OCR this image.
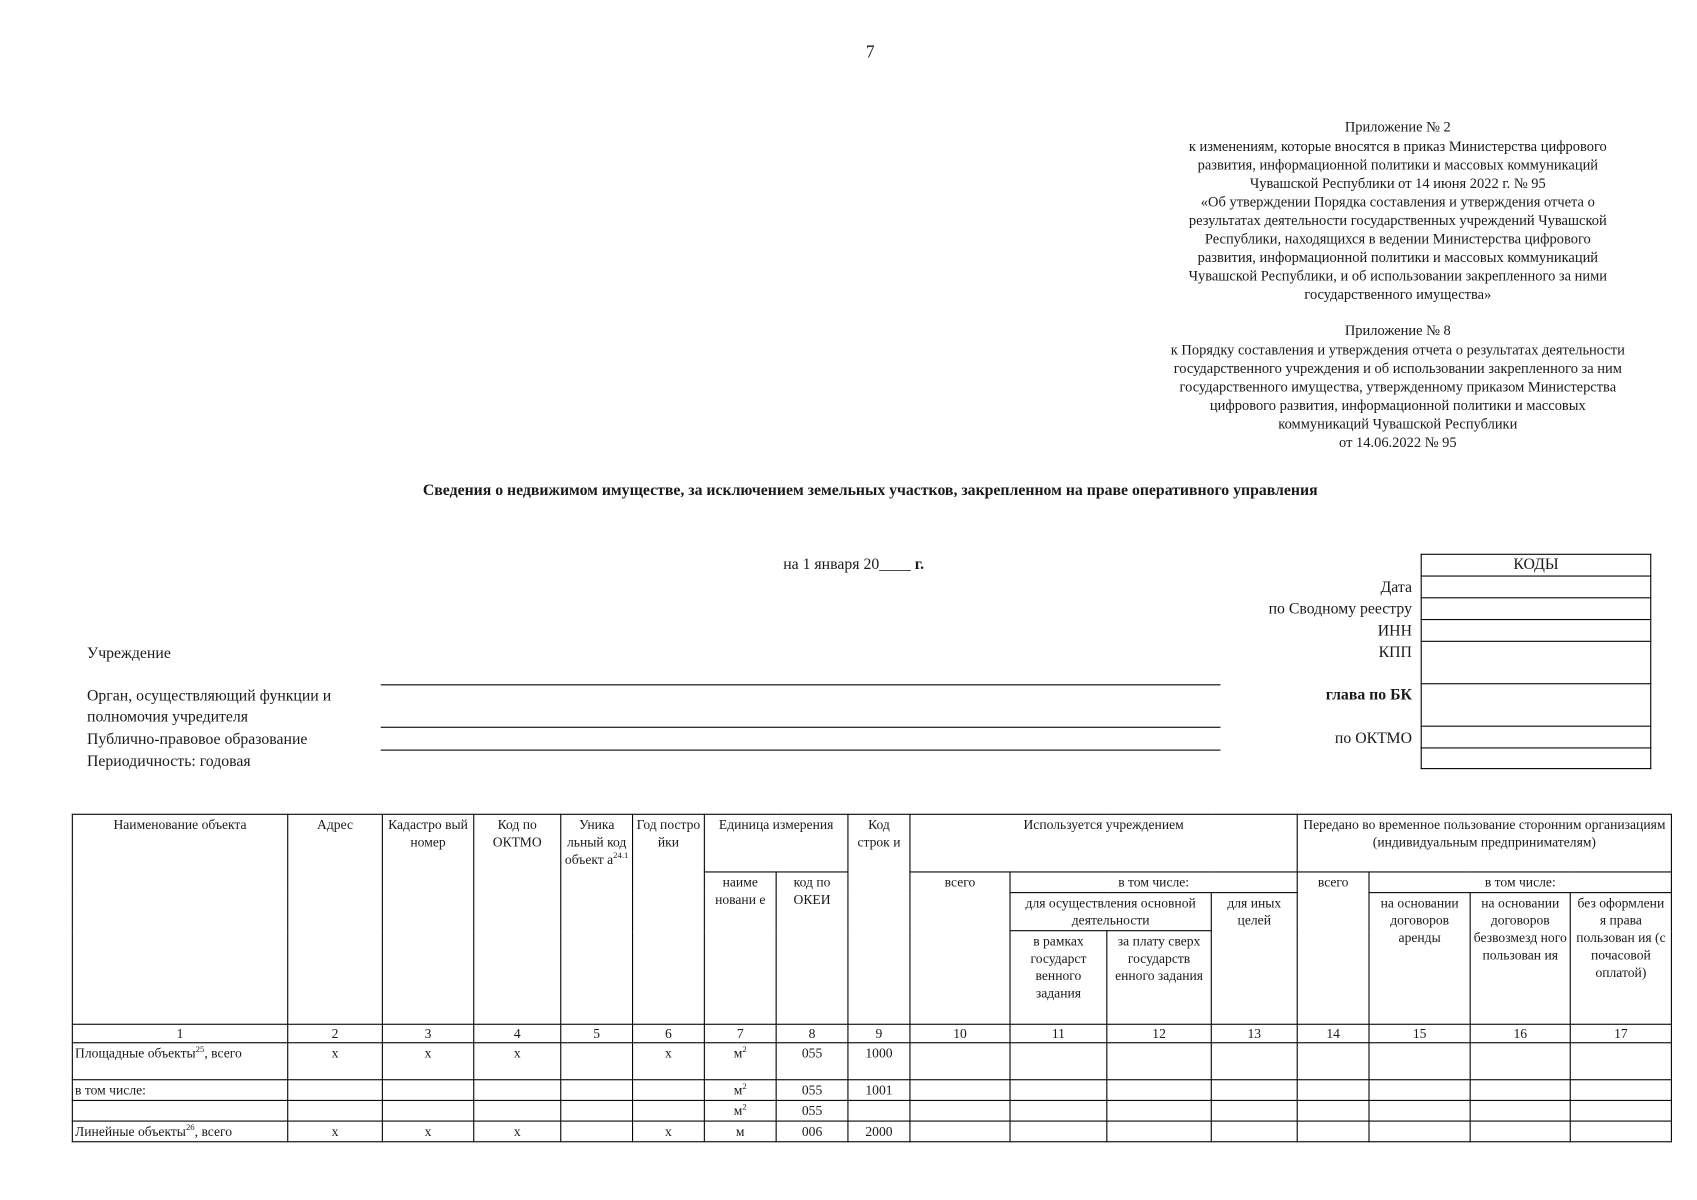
7
Приложение № 2
к изменениям, которые вносятся в приказ Министерства цифрового
развития, информационной политики и массовых коммуникаций
Чувашской Республики от 14 июня 2022 г. № 95
«Об утверждении Порядка составления и утверждения отчета о
результатах деятельности государственных учреждений Чувашской
Республики, находящихся в ведении Министерства цифрового
развития, информационной политики и массовых коммуникаций
Чувашской Республики, и об использовании закрепленного за ними
государственного имущества»
Приложение № 8
к Порядку составления и утверждения отчета о результатах деятельности
государственного учреждения и об использовании закрепленного за ним
государственного имущества, утвержденному приказом Министерства
цифрового развития, информационной политики и массовых
коммуникаций Чувашской Республики
от 14.06.2022 № 95
Сведения о недвижимом имуществе, за исключением земельных участков, закрепленном на праве оперативного управления
на 1 января 20____ г.
Учреждение
Орган, осуществляющий функции и полномочия учредителя
Публично-правовое образование
Периодичность: годовая
Дата
по Сводному реестру
ИНН
КПП
глава по БК
по ОКТМО
КОДЫ

Наименование объекта	Адрес	Кадастро вый номер	Код по ОКТМО	Уника льный код объект $а^{24.1}$	Год постро йки	Единица измерения		Код строк и	Используется учреждением				Передано во временное пользование сторонним организациям (индивидуальным предпринимателям)			
						наиме новани е	код по ОКЕИ		всего	в том числе:			всего	в том числе:		
										для осуществления основной деятельности		для иных целей		на основании договоров аренды	на основании договоров безвозмезд ного пользован ия	без оформлени я права пользован ия (с почасовой оплатой)
										в рамках государст венного задания	за плату сверх государств енного задания					
1	2	3	4	5	6	7	8	9	10	11	12	13	14	15	16	17
Площадные объекты$^{25}$, всего	х	х	х		х	$м^2$	055	1000								
в том числе:						$м^2$	055	1001								
						$м^2$	055									
Линейные объекты$^{26}$, всего	х	х	х		х	м	006	2000								
